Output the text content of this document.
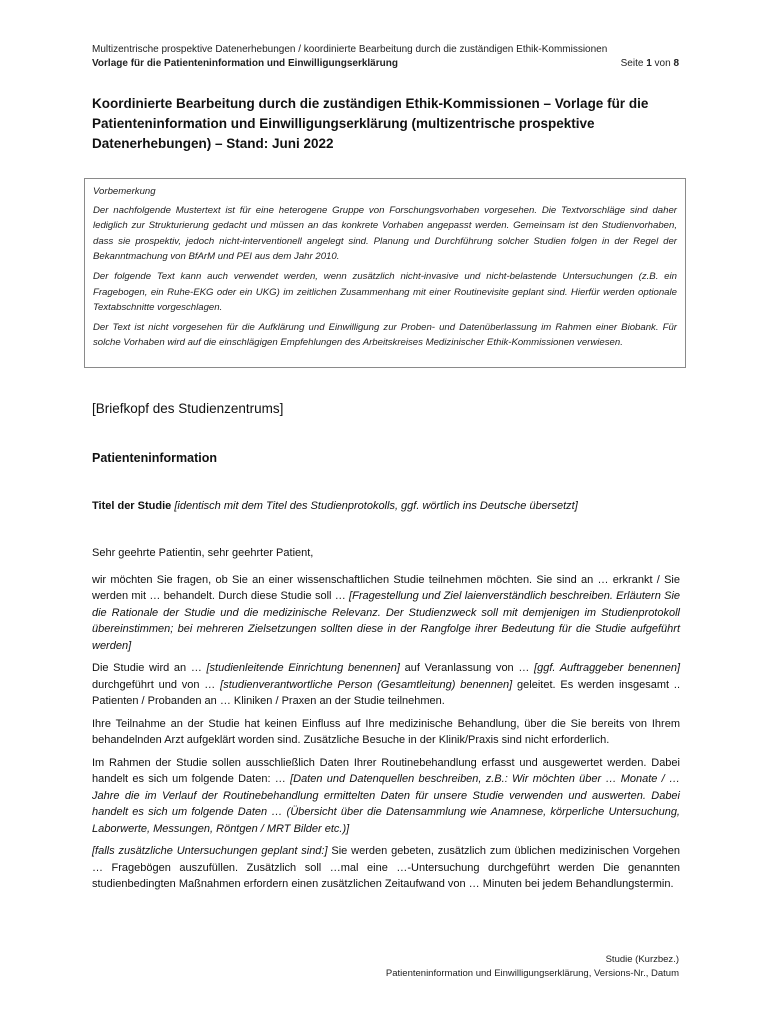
Multizentrische prospektive Datenerhebungen / koordinierte Bearbeitung durch die zuständigen Ethik-Kommissionen
Vorlage für die Patienteninformation und Einwilligungserklärung	Seite 1 von 8
Koordinierte Bearbeitung durch die zuständigen Ethik-Kommissionen – Vorlage für die Patienteninformation und Einwilligungserklärung (multizentrische prospektive Datenerhebungen) – Stand: Juni 2022

Vorbemerkung

Der nachfolgende Mustertext ist für eine heterogene Gruppe von Forschungsvorhaben vorgesehen. Die Textvorschläge sind daher lediglich zur Strukturierung gedacht und müssen an das konkrete Vorhaben angepasst werden. Gemeinsam ist den Studienvorhaben, dass sie prospektiv, jedoch nicht-interventionell angelegt sind. Planung und Durchführung solcher Studien folgen in der Regel der Bekanntmachung von BfArM und PEI aus dem Jahr 2010.

Der folgende Text kann auch verwendet werden, wenn zusätzlich nicht-invasive und nicht-belastende Untersuchungen (z.B. ein Fragebogen, ein Ruhe-EKG oder ein UKG) im zeitlichen Zusammenhang mit einer Routinevisite geplant sind. Hierfür werden optionale Textabschnitte vorgeschlagen.

Der Text ist nicht vorgesehen für die Aufklärung und Einwilligung zur Proben- und Datenüberlassung im Rahmen einer Biobank. Für solche Vorhaben wird auf die einschlägigen Empfehlungen des Arbeitskreises Medizinischer Ethik-Kommissionen verwiesen.

[Briefkopf des Studienzentrums]
Patienteninformation
Titel der Studie [identisch mit dem Titel des Studienprotokolls, ggf. wörtlich ins Deutsche übersetzt]

Sehr geehrte Patientin, sehr geehrter Patient,

wir möchten Sie fragen, ob Sie an einer wissenschaftlichen Studie teilnehmen möchten. Sie sind an … erkrankt / Sie werden mit … behandelt. Durch diese Studie soll … [Fragestellung und Ziel laienverständlich beschreiben. Erläutern Sie die Rationale der Studie und die medizinische Relevanz. Der Studienzweck soll mit demjenigen im Studienprotokoll übereinstimmen; bei mehreren Zielsetzungen sollten diese in der Rangfolge ihrer Bedeutung für die Studie aufgeführt werden]

Die Studie wird an … [studienleitende Einrichtung benennen] auf Veranlassung von … [ggf. Auftraggeber benennen] durchgeführt und von … [studienverantwortliche Person (Gesamtleitung) benennen] geleitet. Es werden insgesamt .. Patienten / Probanden an … Kliniken / Praxen an der Studie teilnehmen.

Ihre Teilnahme an der Studie hat keinen Einfluss auf Ihre medizinische Behandlung, über die Sie bereits von Ihrem behandelnden Arzt aufgeklärt worden sind. Zusätzliche Besuche in der Klinik/Praxis sind nicht erforderlich.

Im Rahmen der Studie sollen ausschließlich Daten Ihrer Routinebehandlung erfasst und ausgewertet werden. Dabei handelt es sich um folgende Daten: … [Daten und Datenquellen beschreiben, z.B.: Wir möchten über … Monate / … Jahre die im Verlauf der Routinebehandlung ermittelten Daten für unsere Studie verwenden und auswerten. Dabei handelt es sich um folgende Daten … (Übersicht über die Datensammlung wie Anamnese, körperliche Untersuchung, Laborwerte, Messungen, Röntgen / MRT Bilder etc.)]

[falls zusätzliche Untersuchungen geplant sind:] Sie werden gebeten, zusätzlich zum üblichen medizinischen Vorgehen … Fragebögen auszufüllen. Zusätzlich soll …mal eine …-Untersuchung durchgeführt werden Die genannten studienbedingten Maßnahmen erfordern einen zusätzlichen Zeitaufwand von … Minuten bei jedem Behandlungstermin.

Studie (Kurzbez.)
Patienteninformation und Einwilligungserklärung, Versions-Nr., Datum
